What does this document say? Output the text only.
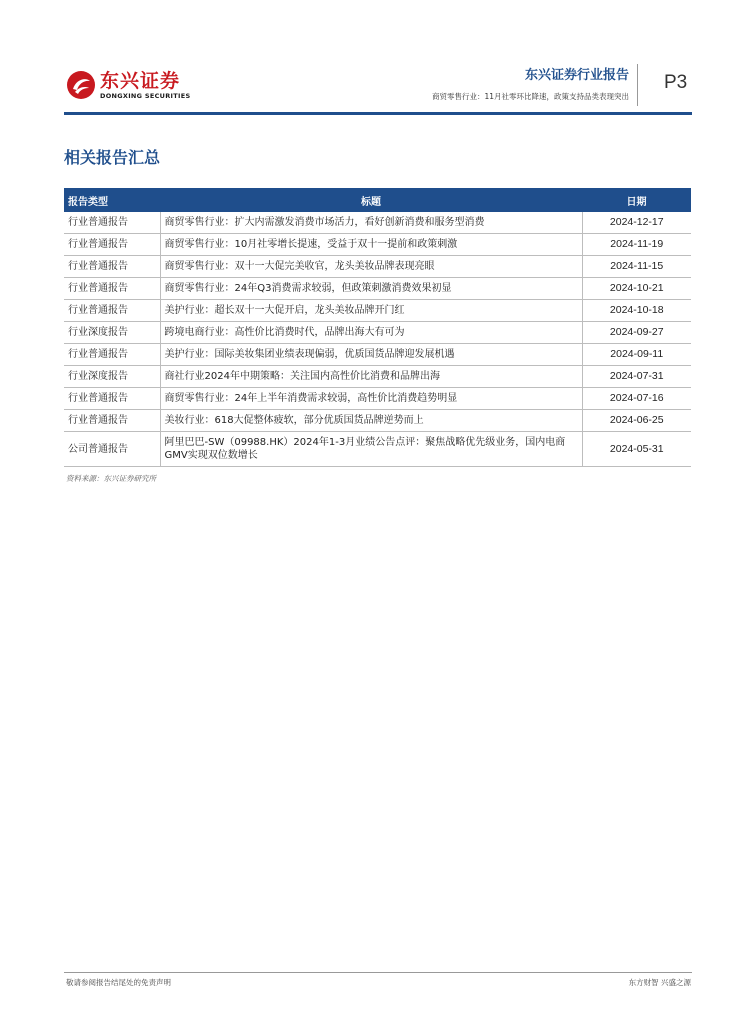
东兴证券
DONGXING SECURITIES
东兴证券行业报告
商贸零售行业：11月社零环比降速，政策支持品类表现突出
P3
相关报告汇总
报告类型	标题	日期
行业普通报告	商贸零售行业：扩大内需激发消费市场活力，看好创新消费和服务型消费	2024-12-17
行业普通报告	商贸零售行业：10月社零增长提速，受益于双十一提前和政策刺激	2024-11-19
行业普通报告	商贸零售行业：双十一大促完美收官，龙头美妆品牌表现亮眼	2024-11-15
行业普通报告	商贸零售行业：24年Q3消费需求较弱，但政策刺激消费效果初显	2024-10-21
行业普通报告	美护行业：超长双十一大促开启，龙头美妆品牌开门红	2024-10-18
行业深度报告	跨境电商行业：高性价比消费时代，品牌出海大有可为	2024-09-27
行业普通报告	美护行业：国际美妆集团业绩表现偏弱，优质国货品牌迎发展机遇	2024-09-11
行业深度报告	商社行业2024年中期策略：关注国内高性价比消费和品牌出海	2024-07-31
行业普通报告	商贸零售行业：24年上半年消费需求较弱，高性价比消费趋势明显	2024-07-16
行业普通报告	美妆行业：618大促整体疲软，部分优质国货品牌逆势而上	2024-06-25
公司普通报告	阿里巴巴-SW（09988.HK）2024年1-3月业绩公告点评：聚焦战略优先级业务，国内电商GMV实现双位数增长	2024-05-31
资料来源：东兴证券研究所
敬请参阅报告结尾处的免责声明	东方财智 兴盛之源
